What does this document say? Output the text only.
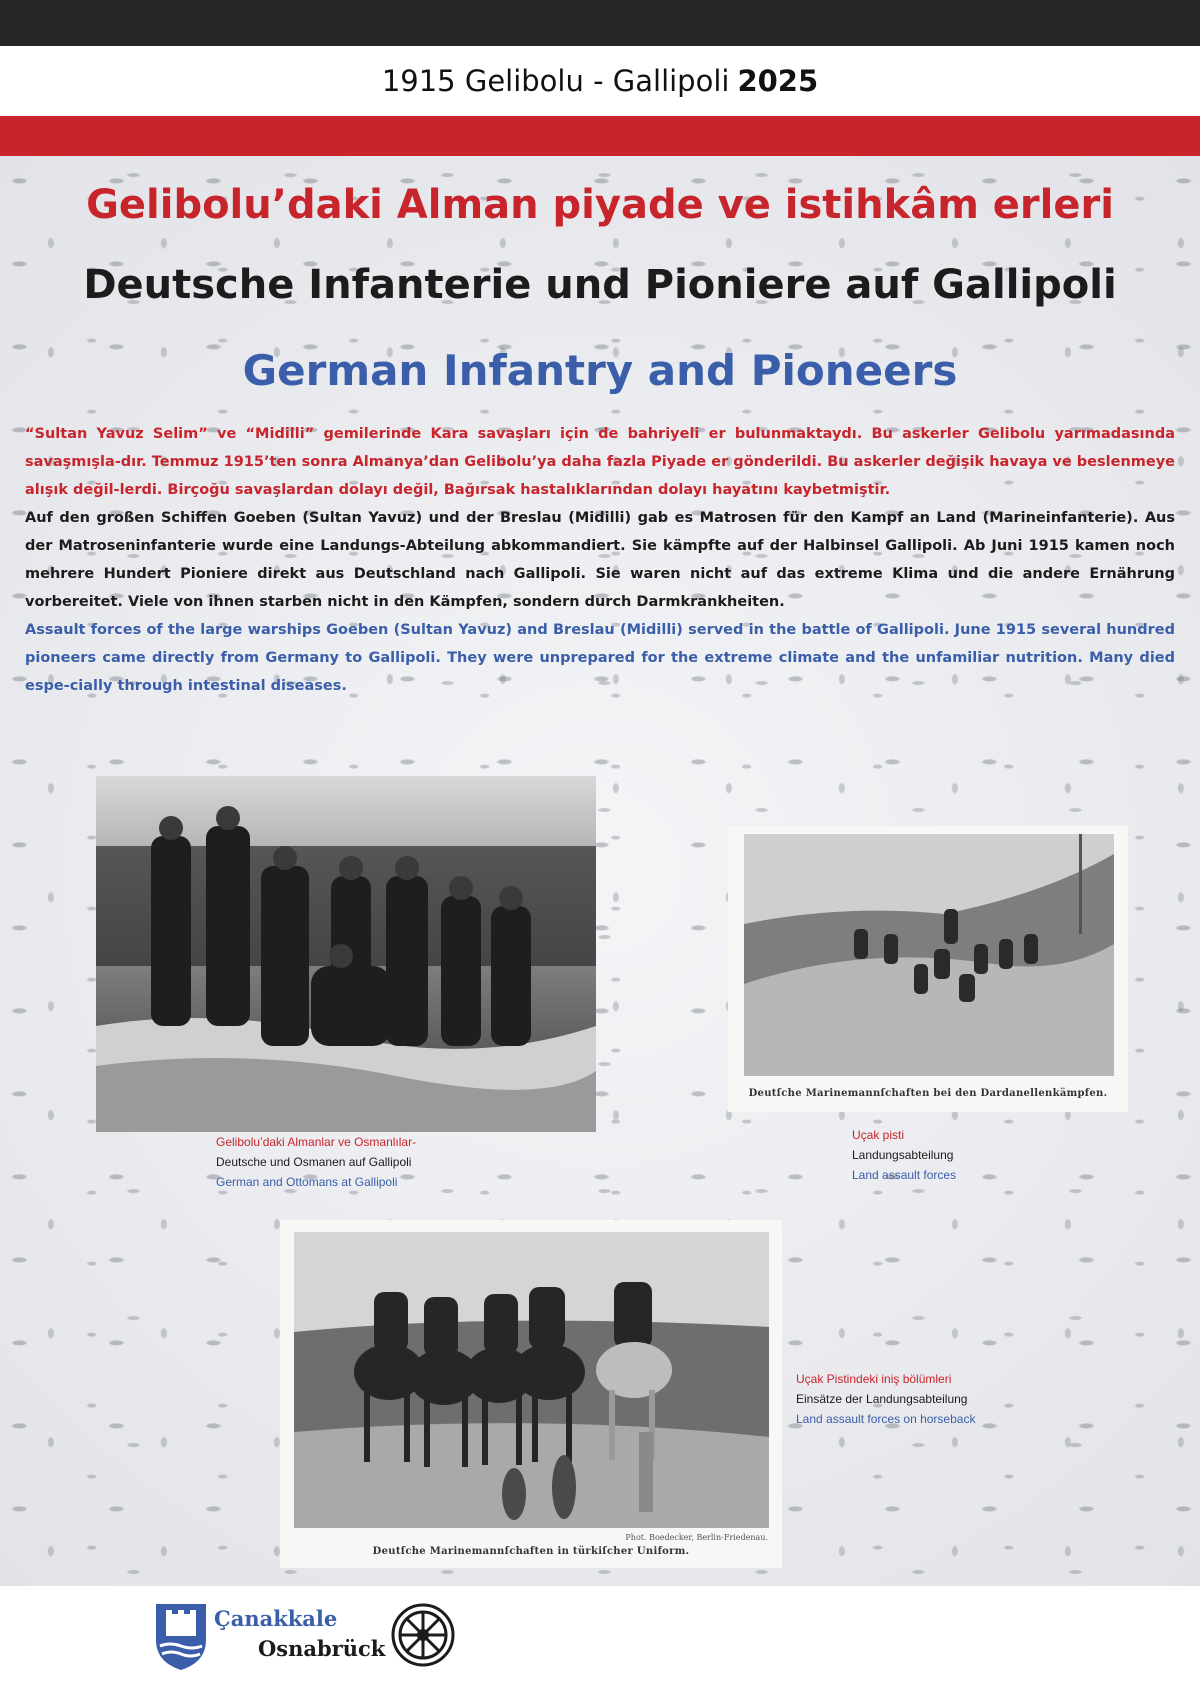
1915 Gelibolu - Gallipoli 2025
Gelibolu’daki Alman piyade ve istihkâm erleri
Deutsche Infanterie und Pioniere auf Gallipoli
German Infantry and Pioneers

“Sultan Yavuz Selim” ve “Midilli” gemilerinde Kara savaşları için de bahriyeli er bulunmaktaydı. Bu askerler Gelibolu yarımadasında savaşmışla-dır. Temmuz 1915’ten sonra Almanya’dan Gelibolu’ya daha fazla Piyade er gönderildi. Bu askerler değişik havaya ve beslenmeye alışık değil-lerdi. Birçoğu savaşlardan dolayı değil, Bağırsak hastalıklarından dolayı hayatını kaybetmiştir.

Auf den großen Schiffen Goeben (Sultan Yavuz) und der Breslau (Midilli) gab es Matrosen für den Kampf an Land (Marineinfanterie). Aus der Matroseninfanterie wurde eine Landungs-Abteilung abkommandiert. Sie kämpfte auf der Halbinsel Gallipoli. Ab Juni 1915 kamen noch mehrere Hundert Pioniere direkt aus Deutschland nach Gallipoli. Sie waren nicht auf das extreme Klima und die andere Ernährung vorbereitet. Viele von ihnen starben nicht in den Kämpfen, sondern durch Darmkrankheiten.

Assault forces of the large warships Goeben (Sultan Yavuz) and Breslau (Midilli) served in the battle of Gallipoli. June 1915 several hundred pioneers came directly from Germany to Gallipoli. They were unprepared for the extreme climate and the unfamiliar nutrition. Many died espe-cially through intestinal diseases.

Gelibolu’daki Almanlar ve Osmanlılar-
Deutsche und Osmanen auf Gallipoli
German and Ottomans at Gallipoli
Deutſche Marinemannſchaften bei den Dardanellenkämpfen.
Uçak pisti
Landungsabteilung
Land assault forces
Phot. Boedecker, Berlin-Friedenau.
Deutſche Marinemannſchaften in türkiſcher Uniform.
Uçak Pistindeki iniş bölümleri
Einsätze der Landungsabteilung
Land assault forces on horseback
Çanakkale
Osnabrück
